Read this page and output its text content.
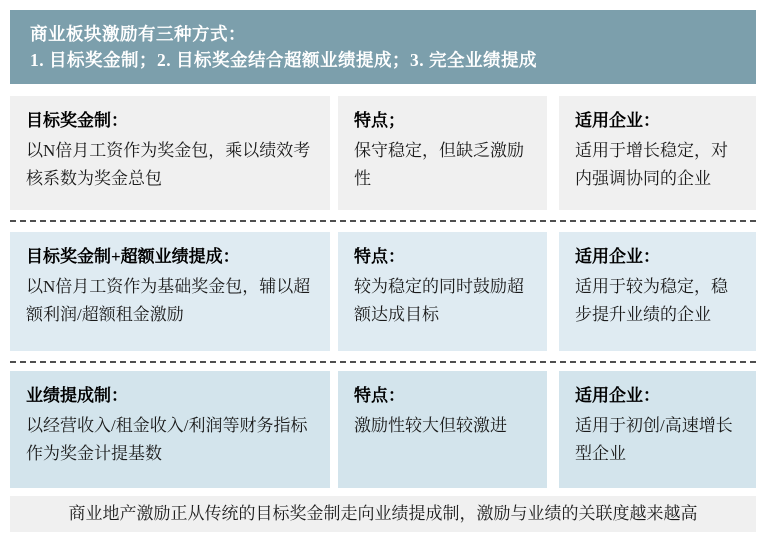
商业板块激励有三种方式：
1. 目标奖金制；2. 目标奖金结合超额业绩提成；3. 完全业绩提成
目标奖金制：
以N倍月工资作为奖金包，乘以绩效考核系数为奖金总包
特点；
保守稳定，但缺乏激励性
适用企业：
适用于增长稳定，对内强调协同的企业
目标奖金制+超额业绩提成：
以N倍月工资作为基础奖金包，辅以超额利润/超额租金激励
特点：
较为稳定的同时鼓励超额达成目标
适用企业：
适用于较为稳定，稳步提升业绩的企业
业绩提成制：
以经营收入/租金收入/利润等财务指标作为奖金计提基数
特点：
激励性较大但较激进
适用企业：
适用于初创/高速增长型企业
商业地产激励正从传统的目标奖金制走向业绩提成制，激励与业绩的关联度越来越高
